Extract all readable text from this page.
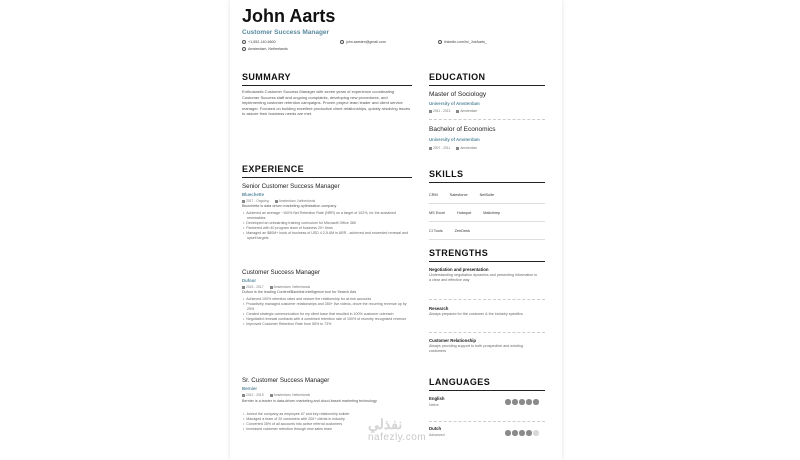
John Aarts
Customer Success Manager
+1-952-140-6600	john.aarsten@gmail.com	linkedin.com/in/_JoeAarts_
Amsterdam, Netherlands
SUMMARY
Enthusiastic Customer Success Manager with seven years of experience coordinating Customer Success staff and ongoing complaints, developing new procedures, and implementing customer retention campaigns. Proven project team leader and client service manager. Focused on building excellent productive client relationships, quickly resolving issues to assure their business needs are met.
EXPERIENCE
Senior Customer Success Manager
Bluechette
2017 - Ongoing	Amsterdam, Netherlands
Bluechette is data driven marketing optimization company
• Achieved an average ~100% Net Retention Rate (NRR) on a target of 102%, for the sustained renewables
• Developed an onboarding training curriculum for Microsoft Office 365
• Partnered with 40 program team of business 20+ firms
• Managed an $80M+ book of business of USD 4.2-5.6M in ARR - achieved and exceeded renewal and upsell targets
Customer Success Manager
Dufour
2015 - 2017	Amsterdam, Netherlands
Dufour is the leading Content/Backlink intelligence tool for Search Ads
• Achieved 100% retention rates and restore the relationship for at-risk accounts
• Proactively managed customer relationships and 350+ live videos, drove the recurring revenue up by 25%
• Created strategic communication for my client base that resulted in 100% customer outreach
• Negotiated renewal contracts with a combined retention rate of 100% of recently recognized revenue
• Improved Customer Retention Rate from 55% to 73%
Sr. Customer Success Manager
Bernier
2012 - 2015	Amsterdam, Netherlands
Bernier is a leader in data-driven marketing and cloud-based marketing technology
• Joined the company as employee #7 and key relationship builder
• Managed a team of 20 customers with 200+ clients in industry
• Converted 35% of all accounts into active referral customers
• Increased customer retention through new sales team
EDUCATION
Master of Sociology
University of Amsterdam
2011 - 2013	Amsterdam
Bachelor of Economics
University of Amsterdam
2007 - 2011	Amsterdam
SKILLS
CRM	Salesforce	NetSuite
MS Excel	Hubspot	Mailchimp
CI Tools	ZenDesk
STRENGTHS
Negotiation and presentation
Understanding negotiation dynamics and presenting information in a clear and effective way
Research
Always prepared for the customer & the industry specifics
Customer Relationship
Always providing support to both prospective and existing customers
LANGUAGES
English
Native
Dutch
Advanced
نفذلي
nafezly.com
